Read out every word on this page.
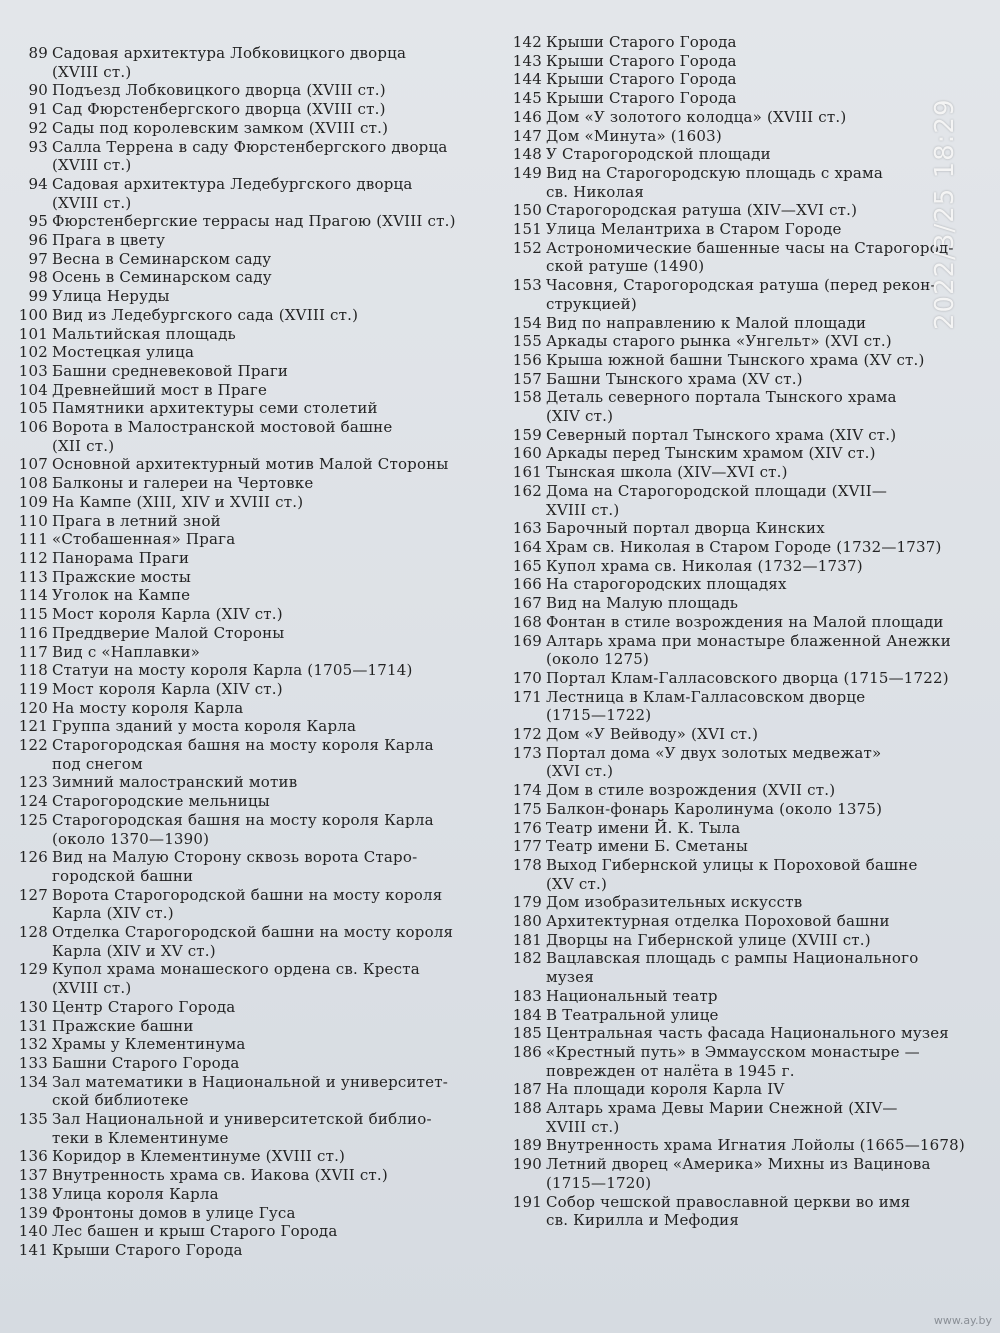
89 Садовая архитектура Лобковицкого дворца
(XVIII ст.)
90 Подъезд Лобковицкого дворца (XVIII ст.)
91 Сад Фюрстенбергского дворца (XVIII ст.)
92 Сады под королевским замком (XVIII ст.)
93 Салла Террена в саду Фюрстенбергского дворца
(XVIII ст.)
94 Садовая архитектура Ледебургского дворца
(XVIII ст.)
95 Фюрстенбергские террасы над Прагою (XVIII ст.)
96 Прага в цвету
97 Весна в Семинарском саду
98 Осень в Семинарском саду
99 Улица Неруды
100 Вид из Ледебургского сада (XVIII ст.)
101 Мальтийская площадь
102 Мостецкая улица
103 Башни средневековой Праги
104 Древнейший мост в Праге
105 Памятники архитектуры семи столетий
106 Ворота в Малостранской мостовой башне
(XII ст.)
107 Основной архитектурный мотив Малой Стороны
108 Балконы и галереи на Чертовке
109 На Кампе (XIII, XIV и XVIII ст.)
110 Прага в летний зной
111 «Стобашенная» Прага
112 Панорама Праги
113 Пражские мосты
114 Уголок на Кампе
115 Мост короля Карла (XIV ст.)
116 Преддверие Малой Стороны
117 Вид с «Наплавки»
118 Статуи на мосту короля Карла (1705—1714)
119 Мост короля Карла (XIV ст.)
120 На мосту короля Карла
121 Группа зданий у моста короля Карла
122 Старогородская башня на мосту короля Карла
под снегом
123 Зимний малостранский мотив
124 Старогородские мельницы
125 Старогородская башня на мосту короля Карла
(около 1370—1390)
126 Вид на Малую Сторону сквозь ворота Старо-
городской башни
127 Ворота Старогородской башни на мосту короля
Карла (XIV ст.)
128 Отделка Старогородской башни на мосту короля
Карла (XIV и XV ст.)
129 Купол храма монашеского ордена св. Креста
(XVIII ст.)
130 Центр Старого Города
131 Пражские башни
132 Храмы у Клементинума
133 Башни Старого Города
134 Зал математики в Национальной и университет-
ской библиотеке
135 Зал Национальной и университетской библио-
теки в Клементинуме
136 Коридор в Клементинуме (XVIII ст.)
137 Внутренность храма св. Иакова (XVII ст.)
138 Улица короля Карла
139 Фронтоны домов в улице Гуса
140 Лес башен и крыш Старого Города
141 Крыши Старого Города
142 Крыши Старого Города
143 Крыши Старого Города
144 Крыши Старого Города
145 Крыши Старого Города
146 Дом «У золотого колодца» (XVIII ст.)
147 Дом «Минута» (1603)
148 У Старогородской площади
149 Вид на Старогородскую площадь с храма
св. Николая
150 Старогородская ратуша (XIV—XVI ст.)
151 Улица Мелантриха в Старом Городе
152 Астрономические башенные часы на Старогород-
ской ратуше (1490)
153 Часовня, Старогородская ратуша (перед рекон-
струкцией)
154 Вид по направлению к Малой площади
155 Аркады старого рынка «Унгельт» (XVI ст.)
156 Крыша южной башни Тынского храма (XV ст.)
157 Башни Тынского храма (XV ст.)
158 Деталь северного портала Тынского храма
(XIV ст.)
159 Северный портал Тынского храма (XIV ст.)
160 Аркады перед Тынским храмом (XIV ст.)
161 Тынская школа (XIV—XVI ст.)
162 Дома на Старогородской площади (XVII—
XVIII ст.)
163 Барочный портал дворца Кинских
164 Храм св. Николая в Старом Городе (1732—1737)
165 Купол храма св. Николая (1732—1737)
166 На старогородских площадях
167 Вид на Малую площадь
168 Фонтан в стиле возрождения на Малой площади
169 Алтарь храма при монастыре блаженной Анежки
(около 1275)
170 Портал Клам-Галласовского дворца (1715—1722)
171 Лестница в Клам-Галласовском дворце
(1715—1722)
172 Дом «У Вейводу» (XVI ст.)
173 Портал дома «У двух золотых медвежат»
(XVI ст.)
174 Дом в стиле возрождения (XVII ст.)
175 Балкон-фонарь Каролинума (около 1375)
176 Театр имени Й. К. Тыла
177 Театр имени Б. Сметаны
178 Выход Гибернской улицы к Пороховой башне
(XV ст.)
179 Дом изобразительных искусств
180 Архитектурная отделка Пороховой башни
181 Дворцы на Гибернской улице (XVIII ст.)
182 Вацлавская площадь с рампы Национального
музея
183 Национальный театр
184 В Театральной улице
185 Центральная часть фасада Национального музея
186 «Крестный путь» в Эммаусском монастыре —
поврежден от налёта в 1945 г.
187 На площади короля Карла IV
188 Алтарь храма Девы Марии Снежной (XIV—
XVIII ст.)
189 Внутренность храма Игнатия Лойолы (1665—1678)
190 Летний дворец «Америка» Михны из Вацинова
(1715—1720)
191 Собор чешской православной церкви во имя
св. Кирилла и Мефодия
2022/3/25 18:29
www.ay.by
